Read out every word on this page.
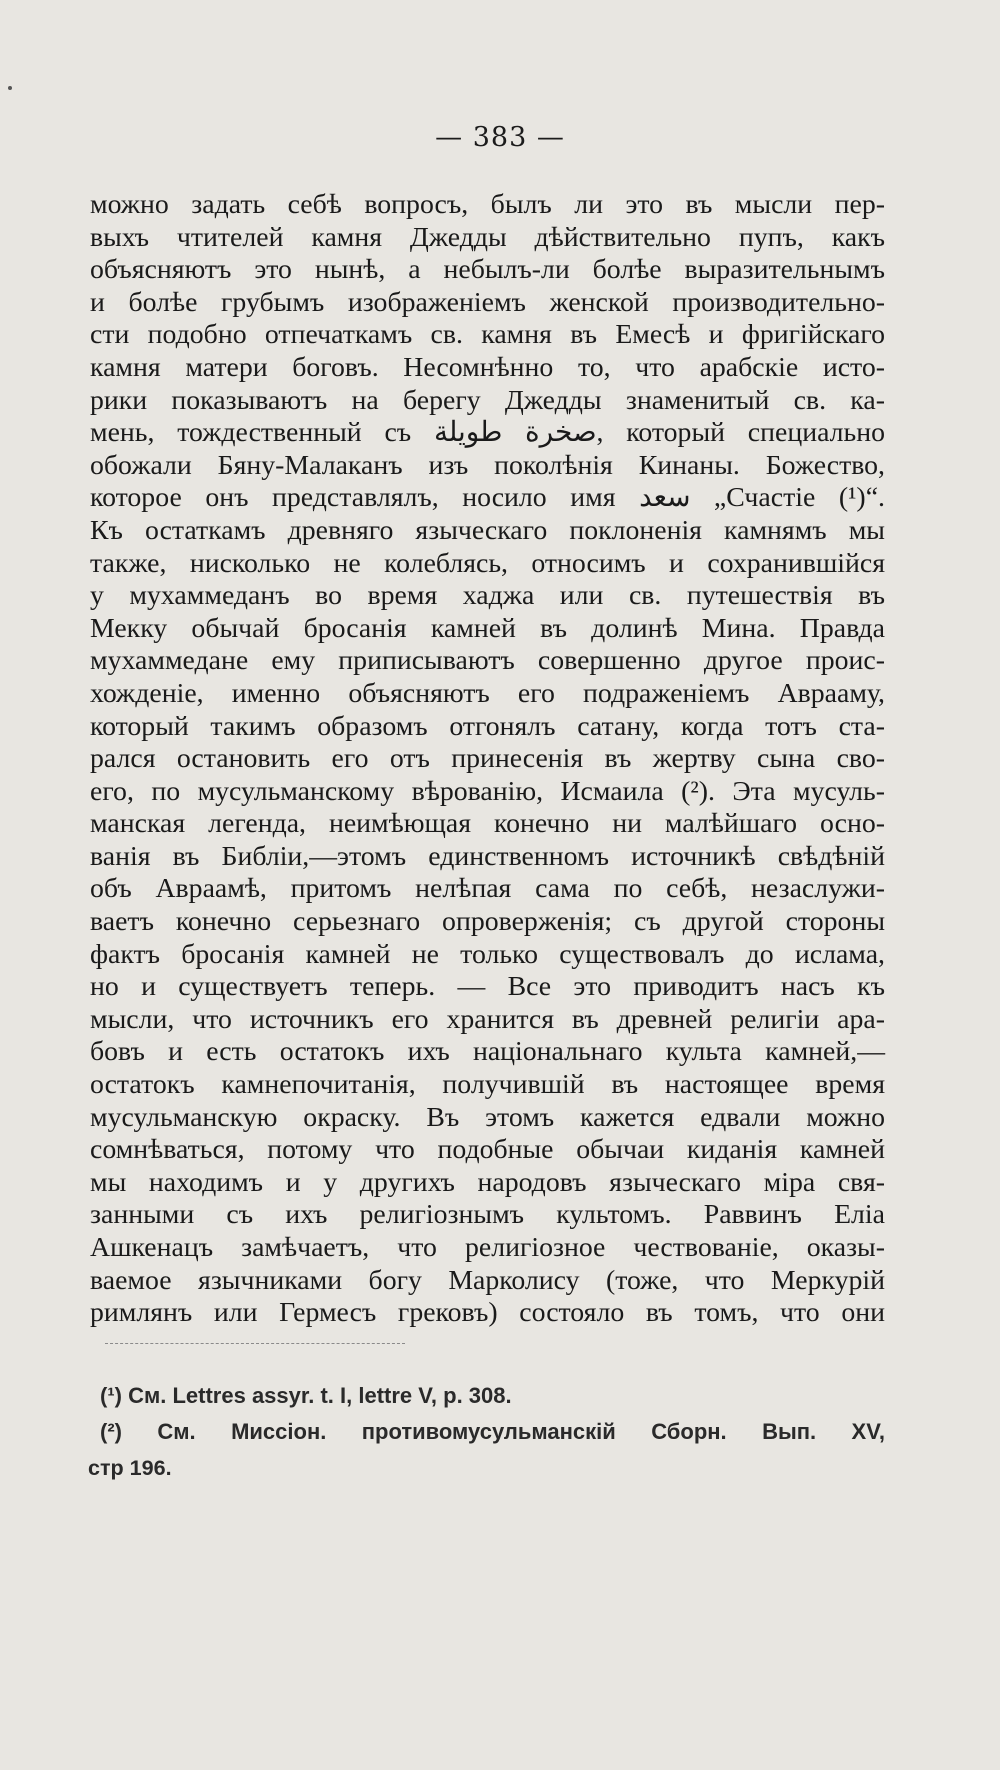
— 383 —
можно задать себѣ вопросъ, былъ ли это въ мысли пер-
выхъ чтителей камня Джедды дѣйствительно пупъ, какъ
объясняютъ это нынѣ, а небылъ-ли болѣе выразительнымъ
и болѣе грубымъ изображеніемъ женской производительно-
сти подобно отпечаткамъ св. камня въ Емесѣ и фригійскаго
камня матери боговъ. Несомнѣнно то, что арабскіе исто-
рики показываютъ на берегу Джедды знаменитый св. ка-
мень, тождественный съ صخرة طويلة, который специально
обожали Бяну-Малаканъ изъ поколѣнія Кинаны. Божество,
которое онъ представлялъ, носило имя سعد „Счастіе (¹)“.
Къ остаткамъ древняго языческаго поклоненія камнямъ мы
также, нисколько не колеблясь, относимъ и сохранившійся
у мухаммеданъ во время хаджа или св. путешествія въ
Мекку обычай бросанія камней въ долинѣ Мина. Правда
мухаммедане ему приписываютъ совершенно другое проис-
хожденіе, именно объясняютъ его подраженіемъ Аврааму,
который такимъ образомъ отгонялъ сатану, когда тотъ ста-
рался остановить его отъ принесенія въ жертву сына сво-
его, по мусульманскому вѣрованію, Исмаила (²). Эта мусуль-
манская легенда, неимѣющая конечно ни малѣйшаго осно-
ванія въ Библіи,—этомъ единственномъ источникѣ свѣдѣній
объ Авраамѣ, притомъ нелѣпая сама по себѣ, незаслужи-
ваетъ конечно серьезнаго опроверженія; съ другой стороны
фактъ бросанія камней не только существовалъ до ислама,
но и существуетъ теперь. — Все это приводитъ насъ къ
мысли, что источникъ его хранится въ древней религіи ара-
бовъ и есть остатокъ ихъ національнаго культа камней,—
остатокъ камнепочитанія, получившій въ настоящее время
мусульманскую окраску. Въ этомъ кажется едвали можно
сомнѣваться, потому что подобные обычаи киданія камней
мы находимъ и у другихъ народовъ языческаго міра свя-
занными съ ихъ религіознымъ культомъ. Раввинъ Еліа
Ашкенацъ замѣчаетъ, что религіозное чествованіе, оказы-
ваемое язычниками богу Марколису (тоже, что Меркурій
римлянъ или Гермесъ грековъ) состояло въ томъ, что они
(¹) См. Lettres assyr. t. I, lettre V, p. 308.
(²) См. Миссіон. противомусульманскій Сборн. Вып. XV,
стр 196.
